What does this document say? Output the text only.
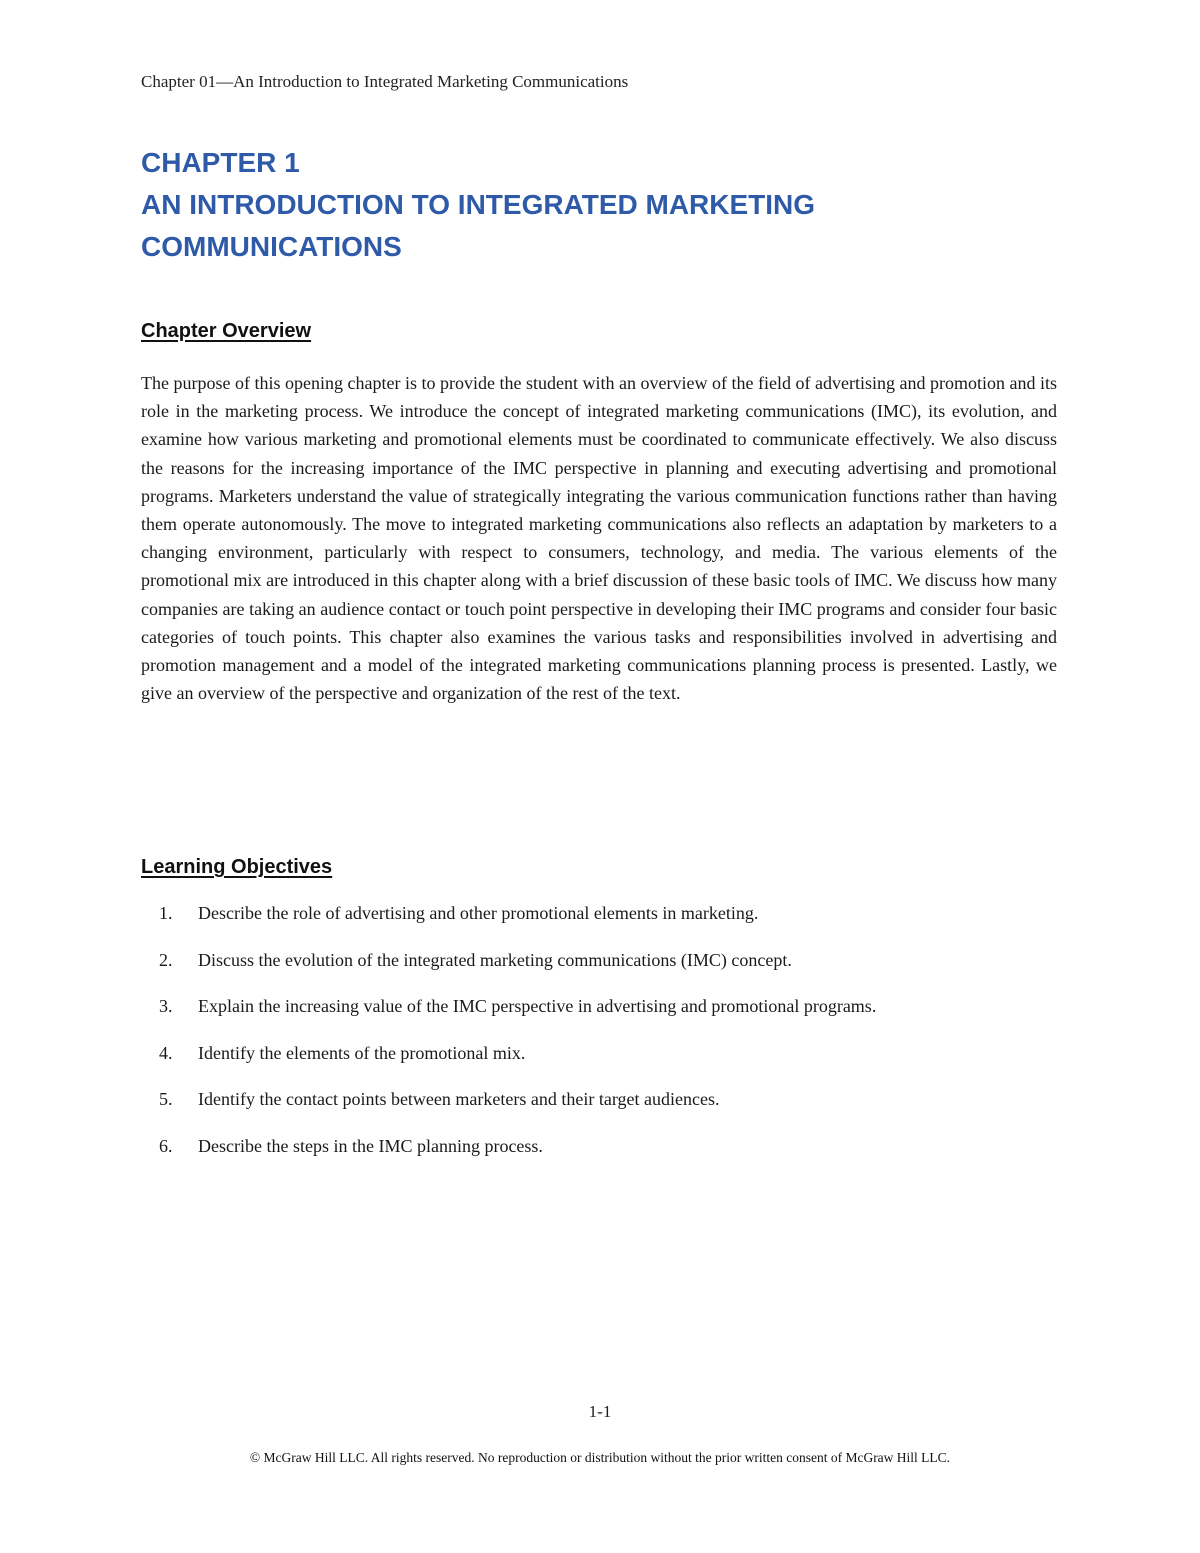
Chapter 01—An Introduction to Integrated Marketing Communications
CHAPTER 1
AN INTRODUCTION TO INTEGRATED MARKETING
COMMUNICATIONS
Chapter Overview

The purpose of this opening chapter is to provide the student with an overview of the field of advertising and promotion and its role in the marketing process. We introduce the concept of integrated marketing communications (IMC), its evolution, and examine how various marketing and promotional elements must be coordinated to communicate effectively. We also discuss the reasons for the increasing importance of the IMC perspective in planning and executing advertising and promotional programs. Marketers understand the value of strategically integrating the various communication functions rather than having them operate autonomously. The move to integrated marketing communications also reflects an adaptation by marketers to a changing environment, particularly with respect to consumers, technology, and media. The various elements of the promotional mix are introduced in this chapter along with a brief discussion of these basic tools of IMC. We discuss how many companies are taking an audience contact or touch point perspective in developing their IMC programs and consider four basic categories of touch points. This chapter also examines the various tasks and responsibilities involved in advertising and promotion management and a model of the integrated marketing communications planning process is presented. Lastly, we give an overview of the perspective and organization of the rest of the text.

Learning Objectives
1.	Describe the role of advertising and other promotional elements in marketing.
2.	Discuss the evolution of the integrated marketing communications (IMC) concept.
3.	Explain the increasing value of the IMC perspective in advertising and promotional programs.
4.	Identify the elements of the promotional mix.
5.	Identify the contact points between marketers and their target audiences.
6.	Describe the steps in the IMC planning process.
1-1
© McGraw Hill LLC. All rights reserved. No reproduction or distribution without the prior written consent of McGraw Hill LLC.
